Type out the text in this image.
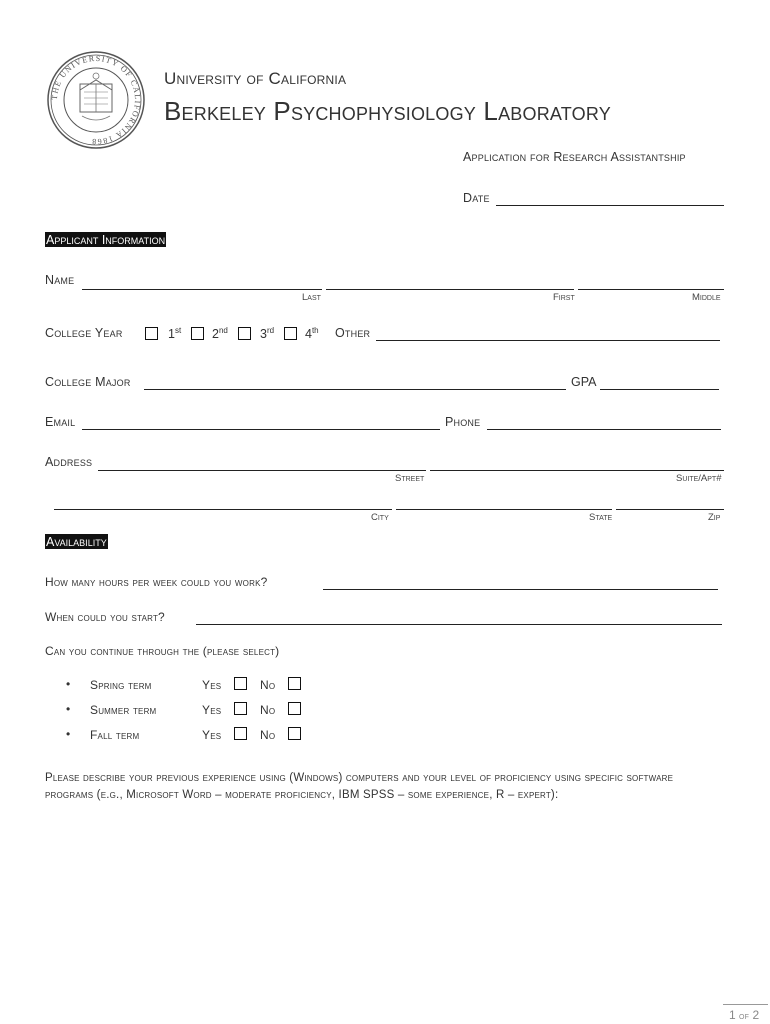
THE UNIVERSITY OF CALIFORNIA 1868
University of California
Berkeley Psychophysiology Laboratory
Application for Research Assistantship
Date
Applicant Information
Name
Last	First	Middle
College Year	1st 2nd	3rd 4th Other
College Major	GPA
Email	Phone
Address
Street	Suite/Apt#
City	State	Zip
Availability
How many hours per week could you work?
When could you start?
Can you continue through the (please select)
• Spring term	Yes	No
• Summer term	Yes	No
• Fall term	Yes	No
Please describe your previous experience using (Windows) computers and your level of proficiency using specific software programs (e.g., Microsoft Word – moderate proficiency, IBM SPSS – some experience, R – expert):
1 of 2
